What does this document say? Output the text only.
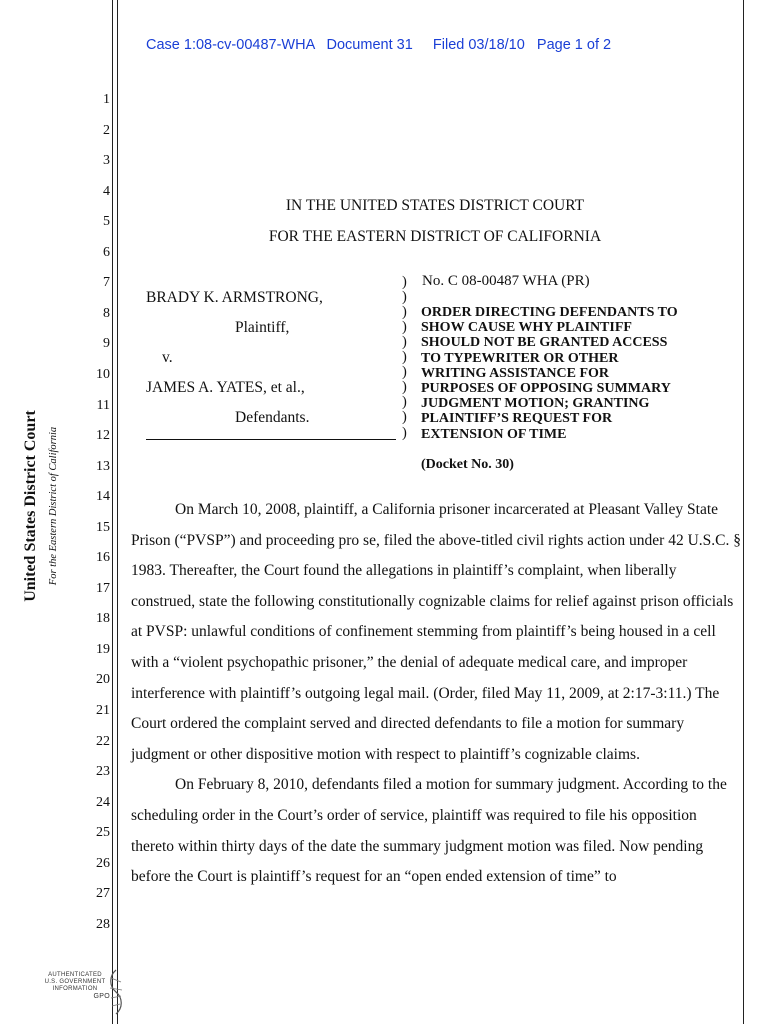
Case 1:08-cv-00487-WHA   Document 31     Filed 03/18/10   Page 1 of 2
United States District Court For the Eastern District of California
1
2
3
4
5
6
7
8
9
10
11
12
13
14
15
16
17
18
19
20
21
22
23
24
25
26
27
28
IN THE UNITED STATES DISTRICT COURT
FOR THE EASTERN DISTRICT OF CALIFORNIA
No. C 08-00487 WHA (PR)
BRADY K. ARMSTRONG,
Plaintiff,
v.
JAMES A. YATES, et al.,
Defendants.
)
)
)
)
)
)
)
)
)
)
)
ORDER DIRECTING DEFENDANTS TO
SHOW CAUSE WHY PLAINTIFF
SHOULD NOT BE GRANTED ACCESS
TO TYPEWRITER OR OTHER
WRITING ASSISTANCE FOR
PURPOSES OF OPPOSING SUMMARY
JUDGMENT MOTION; GRANTING
PLAINTIFF’S REQUEST FOR
EXTENSION OF TIME
(Docket No. 30)

On March 10, 2008, plaintiff, a California prisoner incarcerated at Pleasant Valley State Prison (“PVSP”) and proceeding pro se, filed the above-titled civil rights action under 42 U.S.C. § 1983. Thereafter, the Court found the allegations in plaintiff’s complaint, when liberally construed, state the following constitutionally cognizable claims for relief against prison officials at PVSP: unlawful conditions of confinement stemming from plaintiff’s being housed in a cell with a “violent psychopathic prisoner,” the denial of adequate medical care, and improper interference with plaintiff’s outgoing legal mail. (Order, filed May 11, 2009, at 2:17-3:11.) The Court ordered the complaint served and directed defendants to file a motion for summary judgment or other dispositive motion with respect to plaintiff’s cognizable claims.

On February 8, 2010, defendants filed a motion for summary judgment. According to the scheduling order in the Court’s order of service, plaintiff was required to file his opposition thereto within thirty days of the date the summary judgment motion was filed. Now pending before the Court is plaintiff’s request for an “open ended extension of time” to

AUTHENTICATED
U.S. GOVERNMENT
INFORMATION
GPO
